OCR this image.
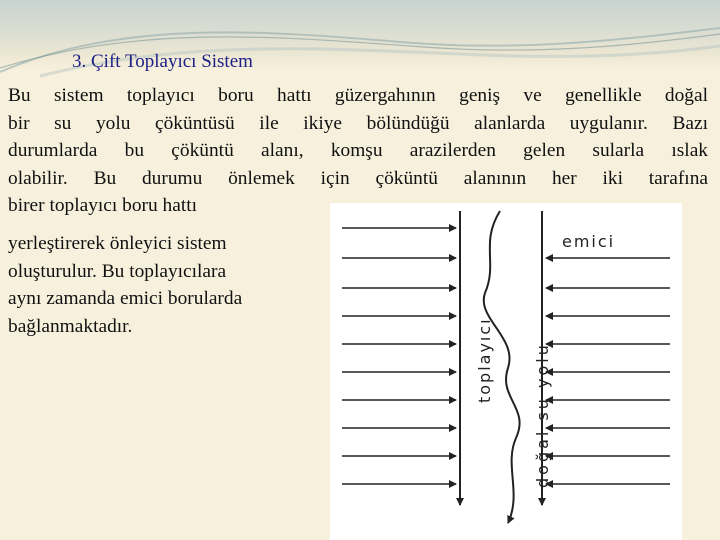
3. Çift Toplayıcı Sistem
Bu sistem toplayıcı boru hattı güzergahının geniş ve genellikle doğal
bir su yolu çöküntüsü ile ikiye bölündüğü alanlarda uygulanır. Bazı
durumlarda bu çöküntü alanı, komşu arazilerden gelen sularla ıslak
olabilir. Bu durumu önlemek için çöküntü alanının her iki tarafına
birer toplayıcı boru hattı
yerleştirerek önleyici sistem
oluşturulur. Bu toplayıcılara
aynı zamanda emici borularda
bağlanmaktadır.
emici
toplayıcı doğal su yolu
